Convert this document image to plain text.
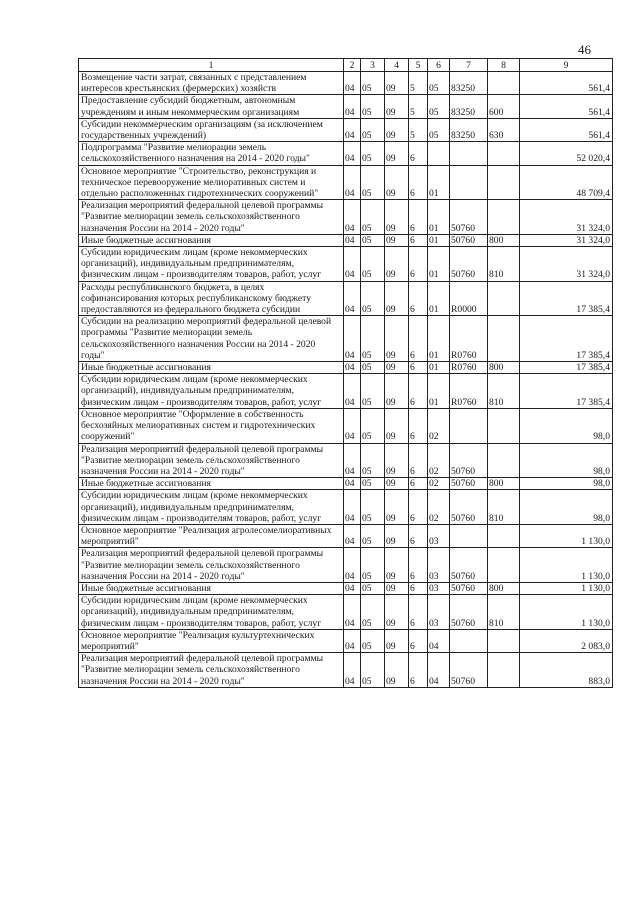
46
1	2	3	4	5	6	7	8	9
Возмещение части затрат, связанных с представлением интересов крестьянских (фермерских) хозяйств	04	05	09	5	05	83250		561,4
Предоставление субсидий бюджетным, автономным учреждениям и иным некоммерческим организациям	04	05	09	5	05	83250	600	561,4
Субсидии некоммерческим организациям (за исключением государственных учреждений)	04	05	09	5	05	83250	630	561,4
Подпрограмма "Развитие мелиорации земель сельскохозяйственного назначения на 2014 - 2020 годы"	04	05	09	6				52 020,4
Основное мероприятие "Строительство, реконструкция и техническое перевооружение мелиоративных систем и отдельно расположенных гидротехнических сооружений"	04	05	09	6	01			48 709,4
Реализация мероприятий федеральной целевой программы "Развитие мелиорации земель сельскохозяйственного назначения России на 2014 - 2020 годы"	04	05	09	6	01	50760		31 324,0
Иные бюджетные ассигнования	04	05	09	6	01	50760	800	31 324,0
Субсидии юридическим лицам (кроме некоммерческих организаций), индивидуальным предпринимателям, физическим лицам - производителям товаров, работ, услуг	04	05	09	6	01	50760	810	31 324,0
Расходы республиканского бюджета, в целях софинансирования которых республиканскому бюджету предоставляются из федерального бюджета субсидии	04	05	09	6	01	R0000		17 385,4
Субсидии на реализацию мероприятий федеральной целевой программы "Развитие мелиорации земель сельскохозяйственного назначения России на 2014 - 2020 годы"	04	05	09	6	01	R0760		17 385,4
Иные бюджетные ассигнования	04	05	09	6	01	R0760	800	17 385,4
Субсидии юридическим лицам (кроме некоммерческих организаций), индивидуальным предпринимателям, физическим лицам - производителям товаров, работ, услуг	04	05	09	6	01	R0760	810	17 385,4
Основное мероприятие "Оформление в собственность бесхозяйных мелиоративных систем и гидротехнических сооружений"	04	05	09	6	02			98,0
Реализация мероприятий федеральной целевой программы "Развитие мелиорации земель сельскохозяйственного назначения России на 2014 - 2020 годы"	04	05	09	6	02	50760		98,0
Иные бюджетные ассигнования	04	05	09	6	02	50760	800	98,0
Субсидии юридическим лицам (кроме некоммерческих организаций), индивидуальным предпринимателям, физическим лицам - производителям товаров, работ, услуг	04	05	09	6	02	50760	810	98,0
Основное мероприятие "Реализация агролесомелиоративных мероприятий"	04	05	09	6	03			1 130,0
Реализация мероприятий федеральной целевой программы "Развитие мелиорации земель сельскохозяйственного назначения России на 2014 - 2020 годы"	04	05	09	6	03	50760		1 130,0
Иные бюджетные ассигнования	04	05	09	6	03	50760	800	1 130,0
Субсидии юридическим лицам (кроме некоммерческих организаций), индивидуальным предпринимателям, физическим лицам - производителям товаров, работ, услуг	04	05	09	6	03	50760	810	1 130,0
Основное мероприятие "Реализация культуртехнических мероприятий"	04	05	09	6	04			2 083,0
Реализация мероприятий федеральной целевой программы "Развитие мелиорации земель сельскохозяйственного назначения России на 2014 - 2020 годы"	04	05	09	6	04	50760		883,0
